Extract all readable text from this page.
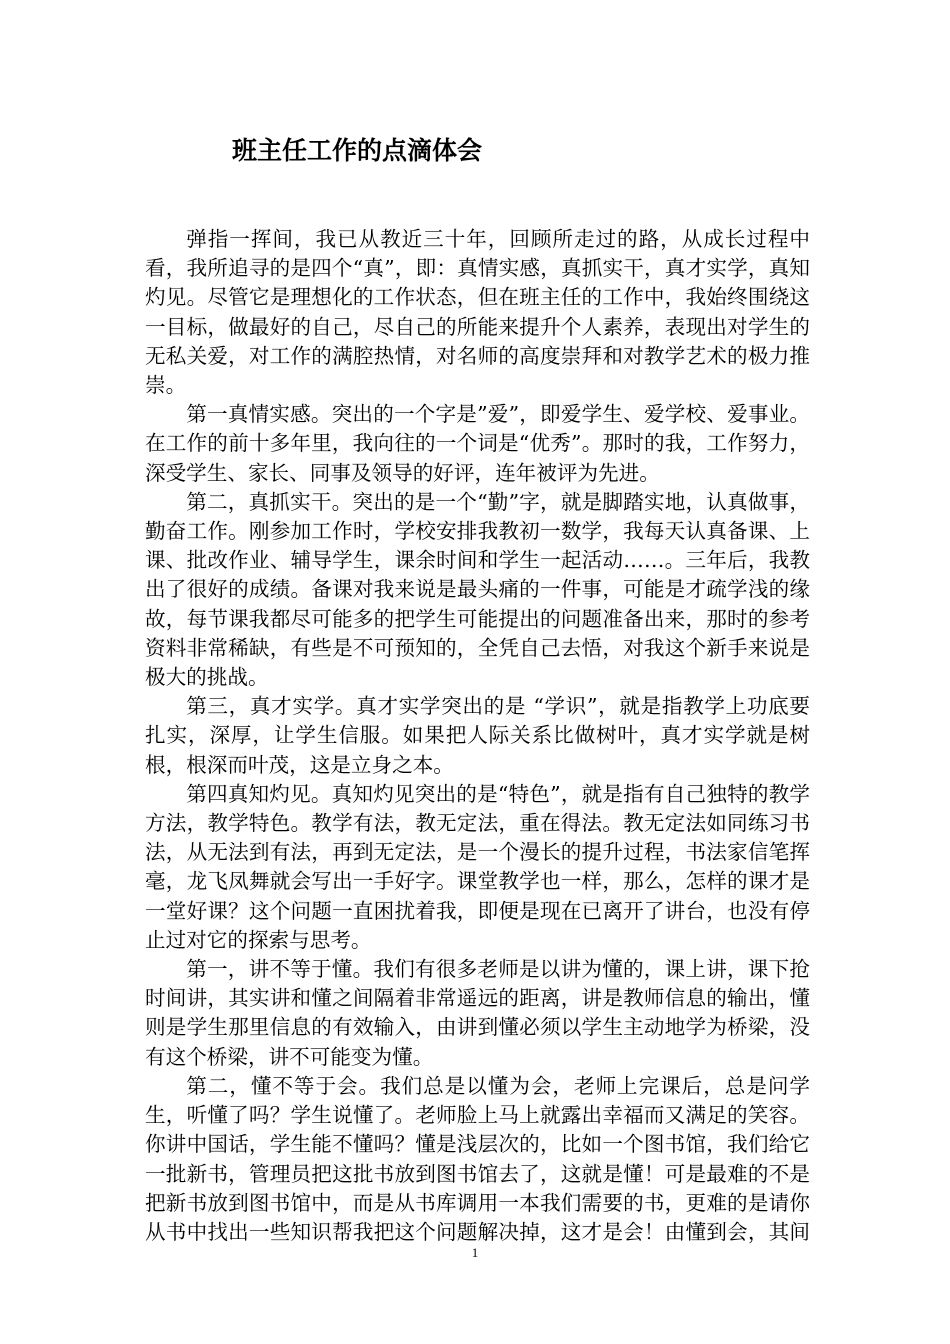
班主任工作的点滴体会

弹指一挥间，我已从教近三十年，回顾所走过的路，从成长过程中看，我所追寻的是四个“真”，即：真情实感，真抓实干，真才实学，真知灼见。尽管它是理想化的工作状态，但在班主任的工作中，我始终围绕这一目标，做最好的自己，尽自己的所能来提升个人素养，表现出对学生的无私关爱，对工作的满腔热情，对名师的高度崇拜和对教学艺术的极力推崇。

第一真情实感。突出的一个字是”爱”，即爱学生、爱学校、爱事业。在工作的前十多年里，我向往的一个词是“优秀”。那时的我，工作努力，深受学生、家长、同事及领导的好评，连年被评为先进。

第二，真抓实干。突出的是一个“勤”字，就是脚踏实地，认真做事，勤奋工作。刚参加工作时，学校安排我教初一数学，我每天认真备课、上课、批改作业、辅导学生，课余时间和学生一起活动……。三年后，我教出了很好的成绩。备课对我来说是最头痛的一件事，可能是才疏学浅的缘故，每节课我都尽可能多的把学生可能提出的问题准备出来，那时的参考资料非常稀缺，有些是不可预知的，全凭自己去悟，对我这个新手来说是极大的挑战。

第三，真才实学。真才实学突出的是 “学识”，就是指教学上功底要扎实，深厚，让学生信服。如果把人际关系比做树叶，真才实学就是树根，根深而叶茂，这是立身之本。

第四真知灼见。真知灼见突出的是“特色”，就是指有自己独特的教学方法，教学特色。教学有法，教无定法，重在得法。教无定法如同练习书法，从无法到有法，再到无定法，是一个漫长的提升过程，书法家信笔挥毫，龙飞凤舞就会写出一手好字。课堂教学也一样，那么，怎样的课才是一堂好课？这个问题一直困扰着我，即便是现在已离开了讲台，也没有停止过对它的探索与思考。

第一，讲不等于懂。我们有很多老师是以讲为懂的，课上讲，课下抢时间讲，其实讲和懂之间隔着非常遥远的距离，讲是教师信息的输出，懂则是学生那里信息的有效输入，由讲到懂必须以学生主动地学为桥梁，没有这个桥梁，讲不可能变为懂。

第二，懂不等于会。我们总是以懂为会，老师上完课后，总是问学生，听懂了吗？学生说懂了。老师脸上马上就露出幸福而又满足的笑容。你讲中国话，学生能不懂吗？懂是浅层次的，比如一个图书馆，我们给它一批新书，管理员把这批书放到图书馆去了，这就是懂！可是最难的不是把新书放到图书馆中，而是从书库调用一本我们需要的书，更难的是请你从书中找出一些知识帮我把这个问题解决掉，这才是会！由懂到会，其间

1
